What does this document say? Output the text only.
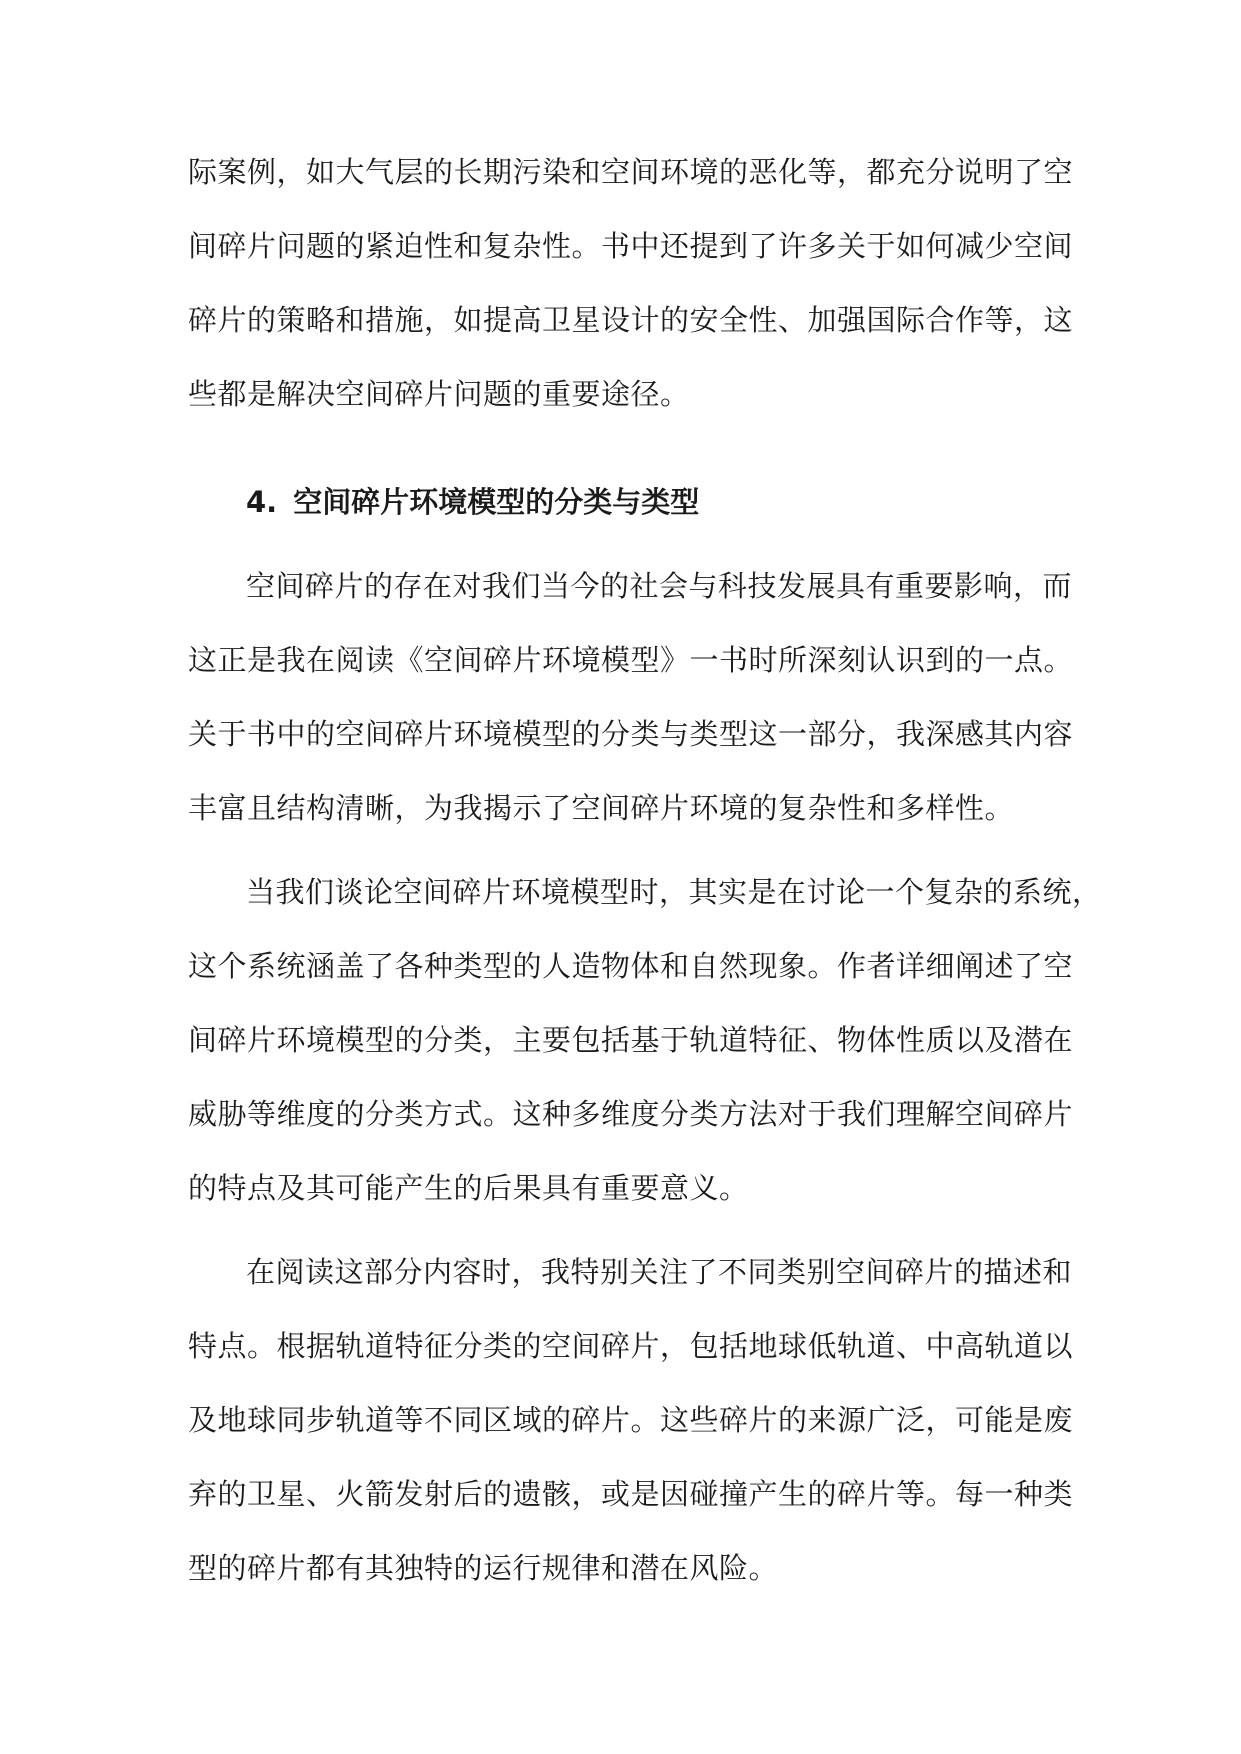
际案例，如大气层的长期污染和空间环境的恶化等，都充分说明了空
间碎片问题的紧迫性和复杂性。书中还提到了许多关于如何减少空间
碎片的策略和措施，如提高卫星设计的安全性、加强国际合作等，这
些都是解决空间碎片问题的重要途径。
4. 空间碎片环境模型的分类与类型
空间碎片的存在对我们当今的社会与科技发展具有重要影响，而
这正是我在阅读《空间碎片环境模型》一书时所深刻认识到的一点。
关于书中的空间碎片环境模型的分类与类型这一部分，我深感其内容
丰富且结构清晰，为我揭示了空间碎片环境的复杂性和多样性。
当我们谈论空间碎片环境模型时，其实是在讨论一个复杂的系统，
这个系统涵盖了各种类型的人造物体和自然现象。作者详细阐述了空
间碎片环境模型的分类，主要包括基于轨道特征、物体性质以及潜在
威胁等维度的分类方式。这种多维度分类方法对于我们理解空间碎片
的特点及其可能产生的后果具有重要意义。
在阅读这部分内容时，我特别关注了不同类别空间碎片的描述和
特点。根据轨道特征分类的空间碎片，包括地球低轨道、中高轨道以
及地球同步轨道等不同区域的碎片。这些碎片的来源广泛，可能是废
弃的卫星、火箭发射后的遗骸，或是因碰撞产生的碎片等。每一种类
型的碎片都有其独特的运行规律和潜在风险。
